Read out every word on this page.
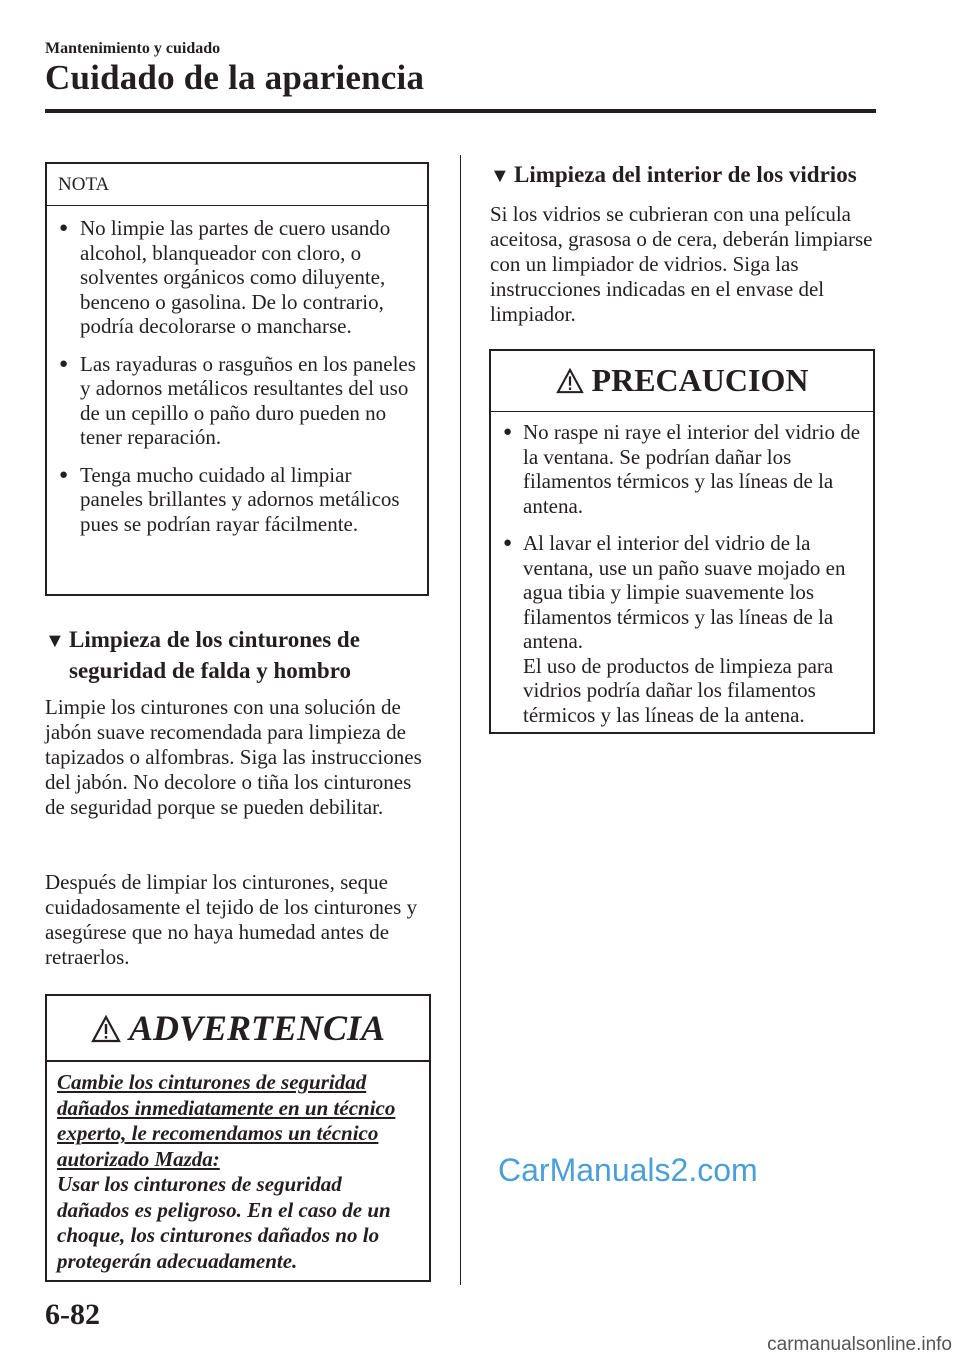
Mantenimiento y cuidado
Cuidado de la apariencia
NOTA
● No limpie las partes de cuero usando alcohol, blanqueador con cloro, o solventes orgánicos como diluyente, benceno o gasolina. De lo contrario, podría decolorarse o mancharse.
● Las rayaduras o rasguños en los paneles y adornos metálicos resultantes del uso de un cepillo o paño duro pueden no tener reparación.
● Tenga mucho cuidado al limpiar paneles brillantes y adornos metálicos pues se podrían rayar fácilmente.
▼ Limpieza de los cinturones de
seguridad de falda y hombro

Limpie los cinturones con una solución de jabón suave recomendada para limpieza de tapizados o alfombras. Siga las instrucciones del jabón. No decolore o tiña los cinturones de seguridad porque se pueden debilitar.

Después de limpiar los cinturones, seque cuidadosamente el tejido de los cinturones y asegúrese que no haya humedad antes de retraerlos.

ADVERTENCIA
Cambie los cinturones de seguridad dañados inmediatamente en un técnico experto, le recomendamos un técnico autorizado Mazda:
Usar los cinturones de seguridad dañados es peligroso. En el caso de un choque, los cinturones dañados no lo protegerán adecuadamente.
▼ Limpieza del interior de los vidrios

Si los vidrios se cubrieran con una película aceitosa, grasosa o de cera, deberán limpiarse con un limpiador de vidrios. Siga las instrucciones indicadas en el envase del limpiador.

PRECAUCION
● No raspe ni raye el interior del vidrio de la ventana. Se podrían dañar los filamentos térmicos y las líneas de la antena.
● Al lavar el interior del vidrio de la ventana, use un paño suave mojado en agua tibia y limpie suavemente los filamentos térmicos y las líneas de la antena.
El uso de productos de limpieza para vidrios podría dañar los filamentos térmicos y las líneas de la antena.
CarManuals2.com
6-82
carmanualsonline.info
